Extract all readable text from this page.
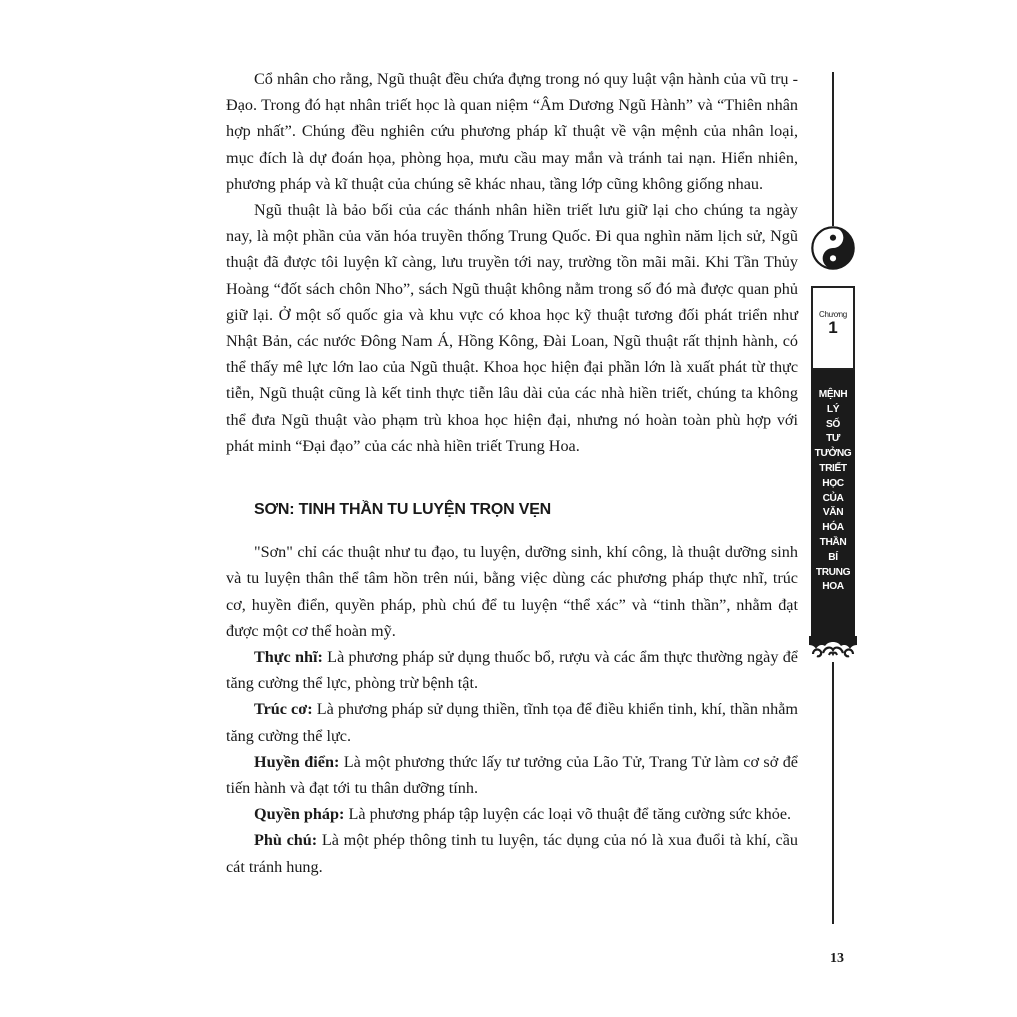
Cổ nhân cho rằng, Ngũ thuật đều chứa đựng trong nó quy luật vận hành của vũ trụ - Đạo. Trong đó hạt nhân triết học là quan niệm “Âm Dương Ngũ Hành” và “Thiên nhân hợp nhất”. Chúng đều nghiên cứu phương pháp kĩ thuật về vận mệnh của nhân loại, mục đích là dự đoán họa, phòng họa, mưu cầu may mắn và tránh tai nạn. Hiển nhiên, phương pháp và kĩ thuật của chúng sẽ khác nhau, tầng lớp cũng không giống nhau.

Ngũ thuật là bảo bối của các thánh nhân hiền triết lưu giữ lại cho chúng ta ngày nay, là một phần của văn hóa truyền thống Trung Quốc. Đi qua nghìn năm lịch sử, Ngũ thuật đã được tôi luyện kĩ càng, lưu truyền tới nay, trường tồn mãi mãi. Khi Tần Thủy Hoàng “đốt sách chôn Nho”, sách Ngũ thuật không nằm trong số đó mà được quan phủ giữ lại. Ở một số quốc gia và khu vực có khoa học kỹ thuật tương đối phát triển như Nhật Bản, các nước Đông Nam Á, Hồng Kông, Đài Loan, Ngũ thuật rất thịnh hành, có thể thấy mê lực lớn lao của Ngũ thuật. Khoa học hiện đại phần lớn là xuất phát từ thực tiễn, Ngũ thuật cũng là kết tinh thực tiễn lâu dài của các nhà hiền triết, chúng ta không thể đưa Ngũ thuật vào phạm trù khoa học hiện đại, nhưng nó hoàn toàn phù hợp với phát minh “Đại đạo” của các nhà hiền triết Trung Hoa.

SƠN: TINH THẦN TU LUYỆN TRỌN VẸN

"Sơn" chỉ các thuật như tu đạo, tu luyện, dưỡng sinh, khí công, là thuật dưỡng sinh và tu luyện thân thể tâm hồn trên núi, bằng việc dùng các phương pháp thực nhĩ, trúc cơ, huyền điển, quyền pháp, phù chú để tu luyện “thể xác” và “tinh thần”, nhằm đạt được một cơ thể hoàn mỹ.

Thực nhĩ: Là phương pháp sử dụng thuốc bổ, rượu và các ẩm thực thường ngày để tăng cường thể lực, phòng trừ bệnh tật.

Trúc cơ: Là phương pháp sử dụng thiền, tĩnh tọa để điều khiển tinh, khí, thần nhằm tăng cường thể lực.

Huyền điển: Là một phương thức lấy tư tưởng của Lão Tử, Trang Tử làm cơ sở để tiến hành và đạt tới tu thân dưỡng tính.

Quyền pháp: Là phương pháp tập luyện các loại võ thuật để tăng cường sức khỏe.

Phù chú: Là một phép thông tinh tu luyện, tác dụng của nó là xua đuổi tà khí, cầu cát tránh hung.

Chương
1
MỆNH
LÝ
SỐ
TƯ
TƯỞNG
TRIẾT
HỌC
CỦA
VĂN
HÓA
THẦN
BÍ
TRUNG
HOA
13
